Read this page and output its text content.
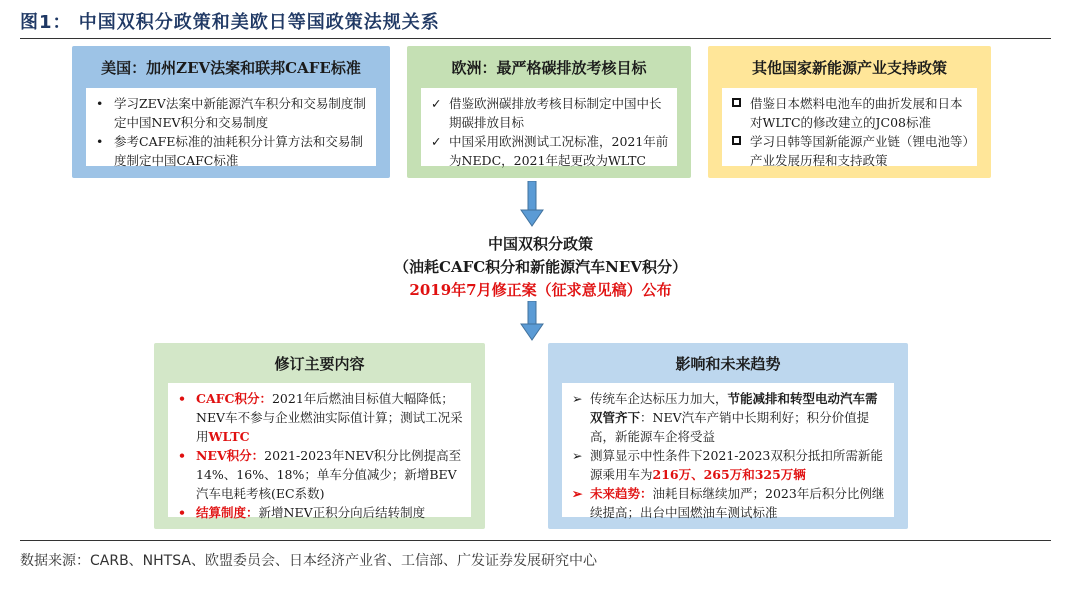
图1： 中国双积分政策和美欧日等国政策法规关系
美国：加州ZEV法案和联邦CAFE标准
• 学习ZEV法案中新能源汽车积分和交易制度制定中国NEV积分和交易制度
• 参考CAFE标准的油耗积分计算方法和交易制度制定中国CAFC标准
欧洲：最严格碳排放考核目标
✓ 借鉴欧洲碳排放考核目标制定中国中长期碳排放目标
✓ 中国采用欧洲测试工况标准，2021年前为NEDC，2021年起更改为WLTC
其他国家新能源产业支持政策
借鉴日本燃料电池车的曲折发展和日本对WLTC的修改建立的JC08标准
学习日韩等国新能源产业链（锂电池等）产业发展历程和支持政策
中国双积分政策
（油耗CAFC积分和新能源汽车NEV积分）
2019年7月修正案（征求意见稿）公布
修订主要内容
• CAFC积分：2021年后燃油目标值大幅降低；NEV车不参与企业燃油实际值计算；测试工况采用WLTC
• NEV积分：2021-2023年NEV积分比例提高至14%、16%、18%；单车分值减少；新增BEV汽车电耗考核(EC系数)
• 结算制度：新增NEV正积分向后结转制度
影响和未来趋势
➢ 传统车企达标压力加大，节能减排和转型电动汽车需双管齐下：NEV汽车产销中长期利好；积分价值提高，新能源车企将受益
➢ 测算显示中性条件下2021-2023双积分抵扣所需新能源乘用车为216万、265万和325万辆
➢ 未来趋势：油耗目标继续加严；2023年后积分比例继续提高；出台中国燃油车测试标准
数据来源：CARB、NHTSA、欧盟委员会、日本经济产业省、工信部、广发证券发展研究中心
